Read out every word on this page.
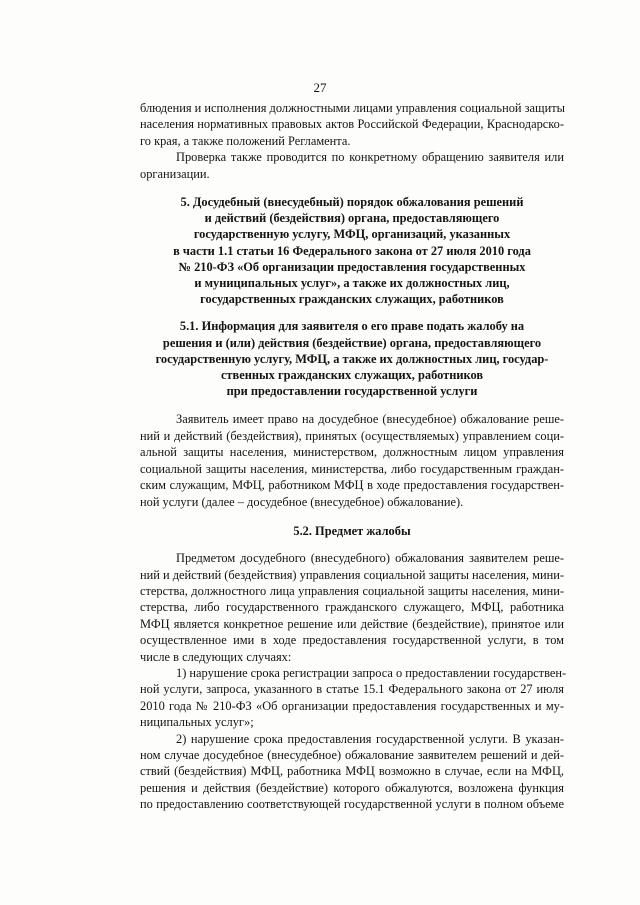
27

блюдения и исполнения должностными лицами управления социальной защиты
населения нормативных правовых актов Российской Федерации, Краснодарско-
го края, а также положений Регламента.

Проверка также проводится по конкретному обращению заявителя или
организации.

5. Досудебный (внесудебный) порядок обжалования решений
и действий (бездействия) органа, предоставляющего
государственную услугу, МФЦ, организаций, указанных
в части 1.1 статьи 16 Федерального закона от 27 июля 2010 года
№ 210-ФЗ «Об организации предоставления государственных
и муниципальных услуг», а также их должностных лиц,
государственных гражданских служащих, работников
5.1. Информация для заявителя о его праве подать жалобу на
решения и (или) действия (бездействие) органа, предоставляющего
государственную услугу, МФЦ, а также их должностных лиц, государ-
ственных гражданских служащих, работников
при предоставлении государственной услуги

Заявитель имеет право на досудебное (внесудебное) обжалование реше-
ний и действий (бездействия), принятых (осуществляемых) управлением соци-
альной защиты населения, министерством, должностным лицом управления
социальной защиты населения, министерства, либо государственным граждан-
ским служащим, МФЦ, работником МФЦ в ходе предоставления государствен-
ной услуги (далее – досудебное (внесудебное) обжалование).

5.2. Предмет жалобы

Предметом досудебного (внесудебного) обжалования заявителем реше-
ний и действий (бездействия) управления социальной защиты населения, мини-
стерства, должностного лица управления социальной защиты населения, мини-
стерства, либо государственного гражданского служащего, МФЦ, работника
МФЦ является конкретное решение или действие (бездействие), принятое или
осуществленное ими в ходе предоставления государственной услуги, в том
числе в следующих случаях:

1) нарушение срока регистрации запроса о предоставлении государствен-
ной услуги, запроса, указанного в статье 15.1 Федерального закона от 27 июля
2010 года № 210-ФЗ «Об организации предоставления государственных и му-
ниципальных услуг»;

2) нарушение срока предоставления государственной услуги. В указан-
ном случае досудебное (внесудебное) обжалование заявителем решений и дей-
ствий (бездействия) МФЦ, работника МФЦ возможно в случае, если на МФЦ,
решения и действия (бездействие) которого обжалуются, возложена функция
по предоставлению соответствующей государственной услуги в полном объеме
